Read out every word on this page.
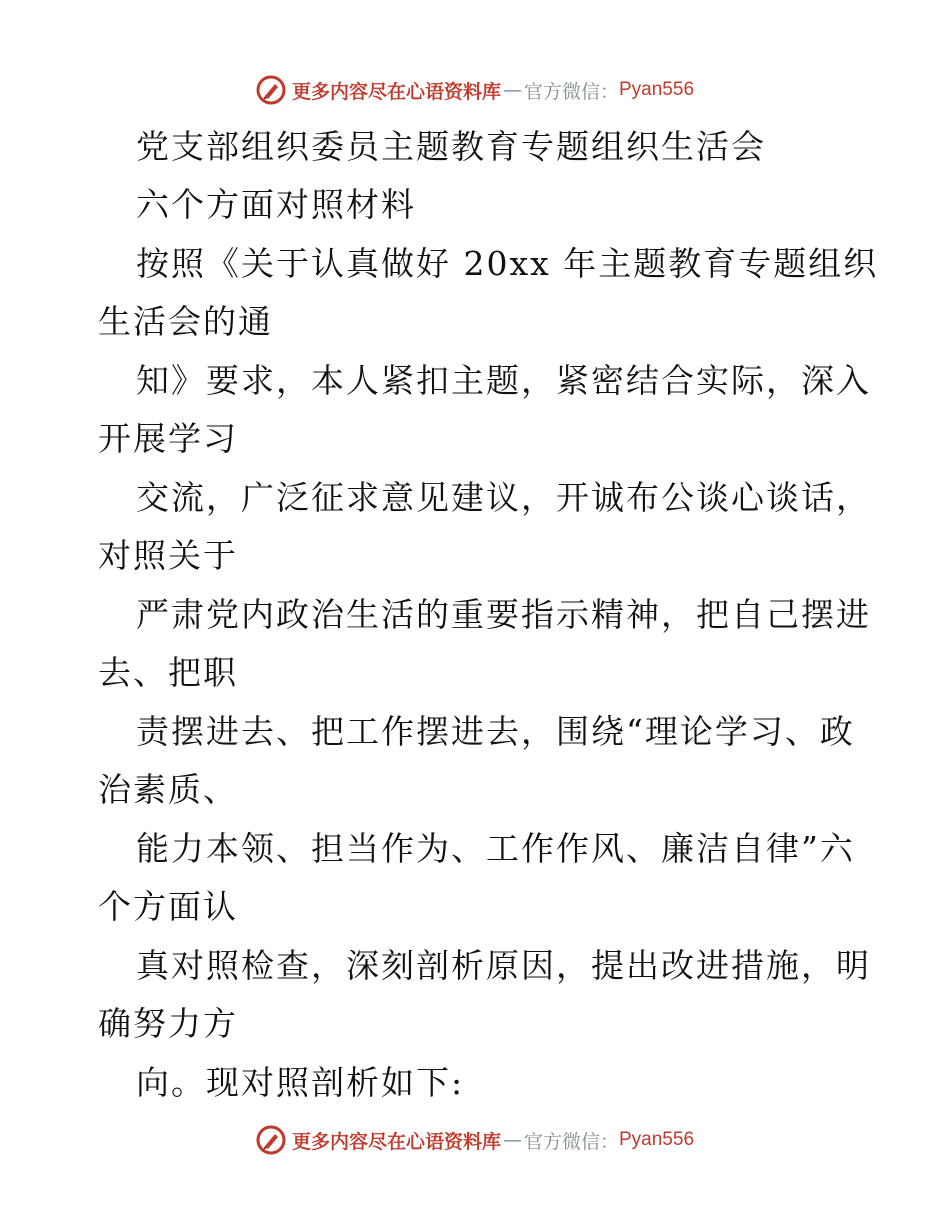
更多内容尽在心语资料库 — 官方微信： Pyan556
党支部组织委员主题教育专题组织生活会
六个方面对照材料
按照《关于认真做好 20xx 年主题教育专题组织
生活会的通
知》要求，本人紧扣主题，紧密结合实际，深入
开展学习
交流，广泛征求意见建议，开诚布公谈心谈话，
对照关于
严肃党内政治生活的重要指示精神，把自己摆进
去、把职
责摆进去、把工作摆进去，围绕“理论学习、政
治素质、
能力本领、担当作为、工作作风、廉洁自律”六
个方面认
真对照检查，深刻剖析原因，提出改进措施，明
确努力方
向。现对照剖析如下:
更多内容尽在心语资料库 — 官方微信： Pyan556
